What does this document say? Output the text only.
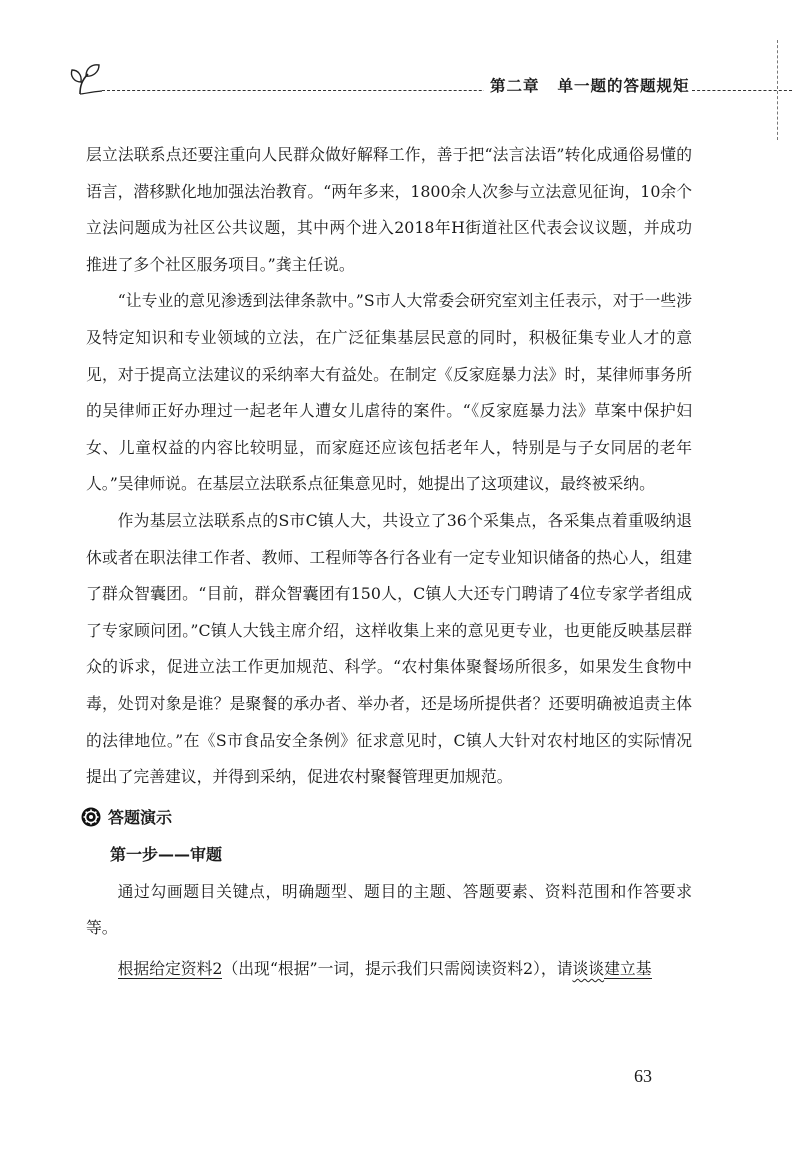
第二章 单一题的答题规矩

层立法联系点还要注重向人民群众做好解释工作，善于把“法言法语”转化成通俗易懂的语言，潜移默化地加强法治教育。“两年多来，1800余人次参与立法意见征询，10余个立法问题成为社区公共议题，其中两个进入2018年H街道社区代表会议议题，并成功推进了多个社区服务项目。”龚主任说。

“让专业的意见渗透到法律条款中。”S市人大常委会研究室刘主任表示，对于一些涉及特定知识和专业领域的立法，在广泛征集基层民意的同时，积极征集专业人才的意见，对于提高立法建议的采纳率大有益处。在制定《反家庭暴力法》时，某律师事务所的吴律师正好办理过一起老年人遭女儿虐待的案件。“《反家庭暴力法》草案中保护妇女、儿童权益的内容比较明显，而家庭还应该包括老年人，特别是与子女同居的老年人。”吴律师说。在基层立法联系点征集意见时，她提出了这项建议，最终被采纳。

作为基层立法联系点的S市C镇人大，共设立了36个采集点，各采集点着重吸纳退休或者在职法律工作者、教师、工程师等各行各业有一定专业知识储备的热心人，组建了群众智囊团。“目前，群众智囊团有150人，C镇人大还专门聘请了4位专家学者组成了专家顾问团。”C镇人大钱主席介绍，这样收集上来的意见更专业，也更能反映基层群众的诉求，促进立法工作更加规范、科学。“农村集体聚餐场所很多，如果发生食物中毒，处罚对象是谁？是聚餐的承办者、举办者，还是场所提供者？还要明确被追责主体的法律地位。”在《S市食品安全条例》征求意见时，C镇人大针对农村地区的实际情况提出了完善建议，并得到采纳，促进农村聚餐管理更加规范。

答题演示

第一步——审题

通过勾画题目关键点，明确题型、题目的主题、答题要素、资料范围和作答要求等。

根据给定资料2（出现“根据”一词，提示我们只需阅读资料2），请谈谈建立基

63
